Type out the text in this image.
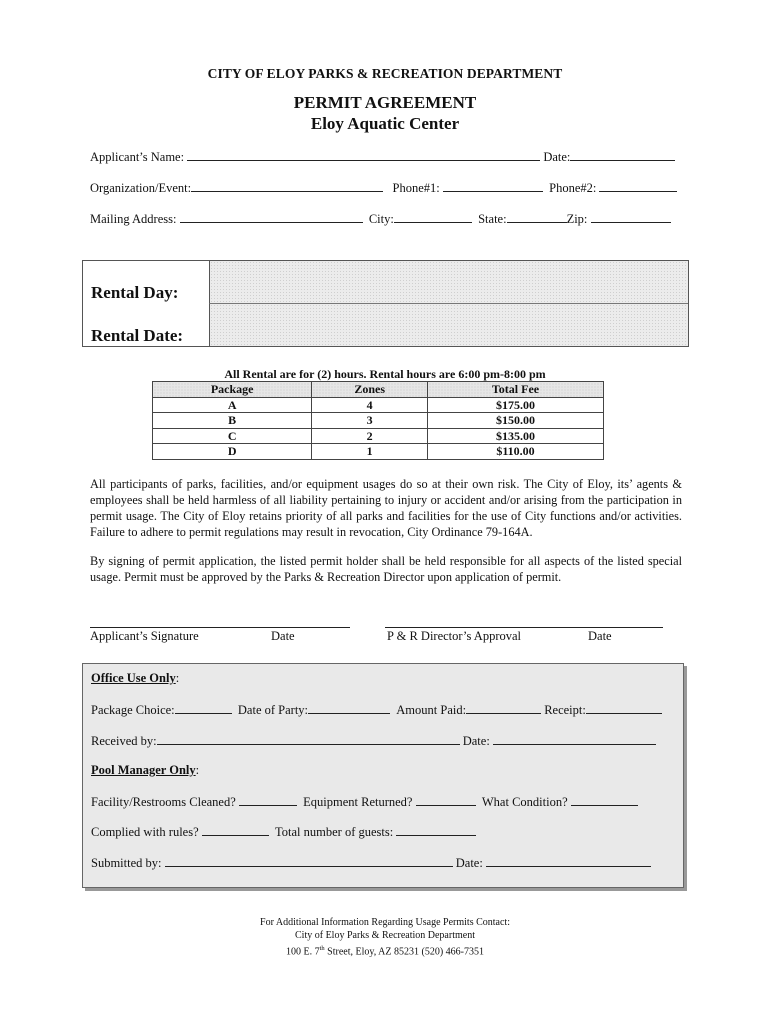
CITY OF ELOY PARKS & RECREATION DEPARTMENT
PERMIT AGREEMENT
Eloy Aquatic Center
Applicant’s Name:	Date:
Organization/Event:	Phone#1:	Phone#2:
Mailing Address:	City:	State:	Zip:
Rental Day:
Rental Date:
All Rental are for (2) hours. Rental hours are 6:00 pm-8:00 pm
Package	Zones	Total Fee
A	4	$175.00
B	3	$150.00
C	2	$135.00
D	1	$110.00
All participants of parks, facilities, and/or equipment usages do so at their own risk. The City of Eloy, its’ agents & employees shall be held harmless of all liability pertaining to injury or accident and/or arising from the participation in permit usage. The City of Eloy retains priority of all parks and facilities for the use of City functions and/or activities. Failure to adhere to permit regulations may result in revocation, City Ordinance 79-164A.
By signing of permit application, the listed permit holder shall be held responsible for all aspects of the listed special usage. Permit must be approved by the Parks & Recreation Director upon application of permit.
Applicant’s Signature	Date	P & R Director’s Approval	Date
Office Use Only:
Package Choice:	Date of Party:	Amount Paid:	Receipt:
Received by:	Date:
Pool Manager Only:
Facility/Restrooms Cleaned?	Equipment Returned?	What Condition?
Complied with rules?	Total number of guests:
Submitted by:	Date:
For Additional Information Regarding Usage Permits Contact:
City of Eloy Parks & Recreation Department
100 E. 7th Street, Eloy, AZ 85231 (520) 466-7351
